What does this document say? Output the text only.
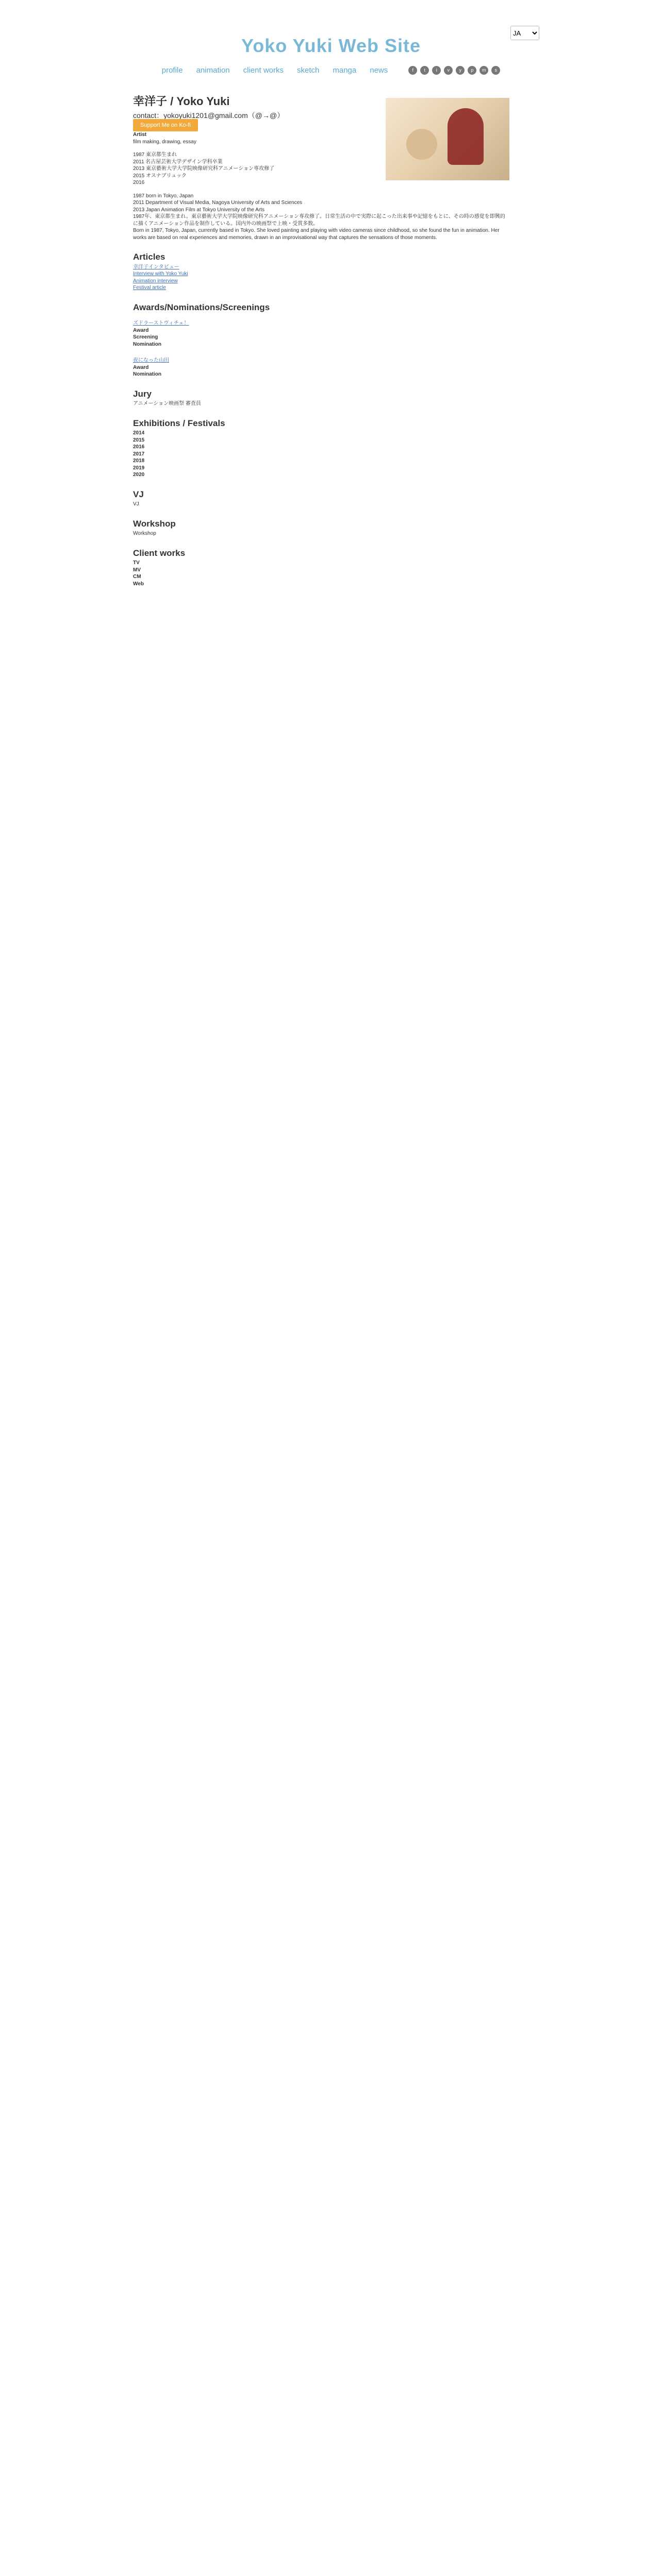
Yoko Yuki Web Site
JA
profile animation client works sketch manga news	f	t	i	v	y	p	m	s
幸洋子 / Yoko Yuki

contact：yokoyuki1201@gmail.com（@→@）

Support Me on Ko-fi

Artist

film making, drawing, essay

1987 東京都生まれ

2011 名古屋芸術大学デザイン学科卒業

2013 東京藝術大学大学院映像研究科アニメーション専攻修了

2015 オスナブリュック

2016

1987 born in Tokyo, Japan

2011 Department of Visual Media, Nagoya University of Arts and Sciences

2013 Japan Animation Film at Tokyo University of the Arts

1987年、東京都生まれ。東京藝術大学大学院映像研究科アニメーション専攻修了。日常生活の中で実際に起こった出来事や記憶をもとに、その時の感覚を即興的に描くアニメーション作品を制作している。国内外の映画祭で上映・受賞多数。

Born in 1987, Tokyo, Japan, currently based in Tokyo. She loved painting and playing with video cameras since childhood, so she found the fun in animation. Her works are based on real experiences and memories, drawn in an improvisational way that captures the sensations of those moments.

Articles
幸洋子インタビュー
Interview with Yoko Yuki
Animation interview
Festival article
Awards/Nominations/Screenings
ズドラーストヴィチェ！

Award

Screening

Nomination

夜になった山田

Award

Nomination

Jury

アニメーション映画祭 審査員

Exhibitions / Festivals

2014

2015

2016

2017

2018

2019

2020

VJ

VJ

Workshop

Workshop

Client works

TV

MV

CM

Web
